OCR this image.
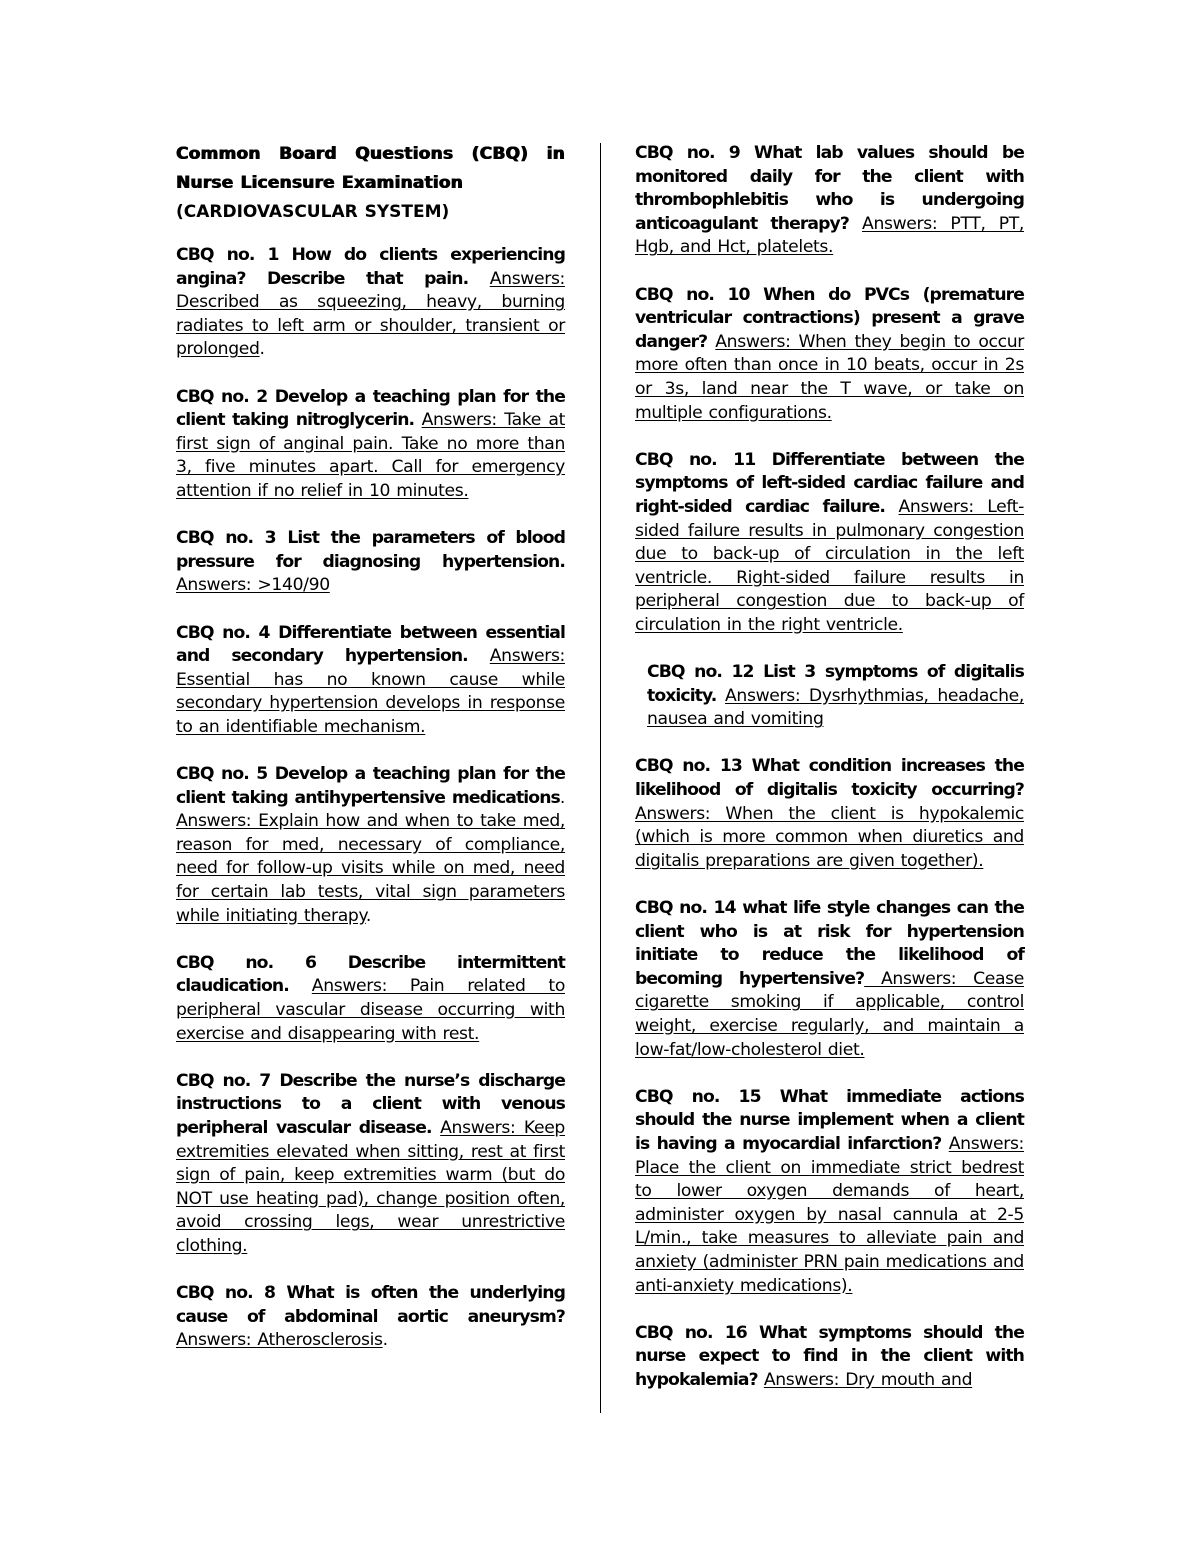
Common Board Questions (CBQ) in Nurse Licensure Examination
(CARDIOVASCULAR SYSTEM)

CBQ no. 1 How do clients experiencing angina? Describe that pain. Answers: Described as squeezing, heavy, burning radiates to left arm or shoulder, transient or prolonged.

CBQ no. 2 Develop a teaching plan for the client taking nitroglycerin. Answers: Take at first sign of anginal pain. Take no more than 3, five minutes apart. Call for emergency attention if no relief in 10 minutes.

CBQ no. 3 List the parameters of blood pressure for diagnosing hypertension. Answers: >140/90

CBQ no. 4 Differentiate between essential and secondary hypertension. Answers: Essential has no known cause while secondary hypertension develops in response to an identifiable mechanism.

CBQ no. 5 Develop a teaching plan for the client taking antihypertensive medications. Answers: Explain how and when to take med, reason for med, necessary of compliance, need for follow-up visits while on med, need for certain lab tests, vital sign parameters while initiating therapy.

CBQ no. 6 Describe intermittent claudication. Answers: Pain related to peripheral vascular disease occurring with exercise and disappearing with rest.

CBQ no. 7 Describe the nurse’s discharge instructions to a client with venous peripheral vascular disease. Answers: Keep extremities elevated when sitting, rest at first sign of pain, keep extremities warm (but do NOT use heating pad), change position often, avoid crossing legs, wear unrestrictive clothing.

CBQ no. 8 What is often the underlying cause of abdominal aortic aneurysm? Answers: Atherosclerosis.

CBQ no. 9 What lab values should be monitored daily for the client with thrombophlebitis who is undergoing anticoagulant therapy? Answers: PTT, PT, Hgb, and Hct, platelets.

CBQ no. 10 When do PVCs (premature ventricular contractions) present a grave danger? Answers: When they begin to occur more often than once in 10 beats, occur in 2s or 3s, land near the T wave, or take on multiple configurations.

CBQ no. 11 Differentiate between the symptoms of left-sided cardiac failure and right-sided cardiac failure. Answers: Left-sided failure results in pulmonary congestion due to back-up of circulation in the left ventricle. Right-sided failure results in peripheral congestion due to back-up of circulation in the right ventricle.

CBQ no. 12 List 3 symptoms of digitalis toxicity. Answers: Dysrhythmias, headache, nausea and vomiting

CBQ no. 13 What condition increases the likelihood of digitalis toxicity occurring? Answers: When the client is hypokalemic (which is more common when diuretics and digitalis preparations are given together).

CBQ no. 14 what life style changes can the client who is at risk for hypertension initiate to reduce the likelihood of becoming hypertensive? Answers: Cease cigarette smoking if applicable, control weight, exercise regularly, and maintain a low-fat/low-cholesterol diet.

CBQ no. 15 What immediate actions should the nurse implement when a client is having a myocardial infarction? Answers: Place the client on immediate strict bedrest to lower oxygen demands of heart, administer oxygen by nasal cannula at 2-5 L/min., take measures to alleviate pain and anxiety (administer PRN pain medications and anti-anxiety medications).

CBQ no. 16 What symptoms should the nurse expect to find in the client with hypokalemia? Answers: Dry mouth and
